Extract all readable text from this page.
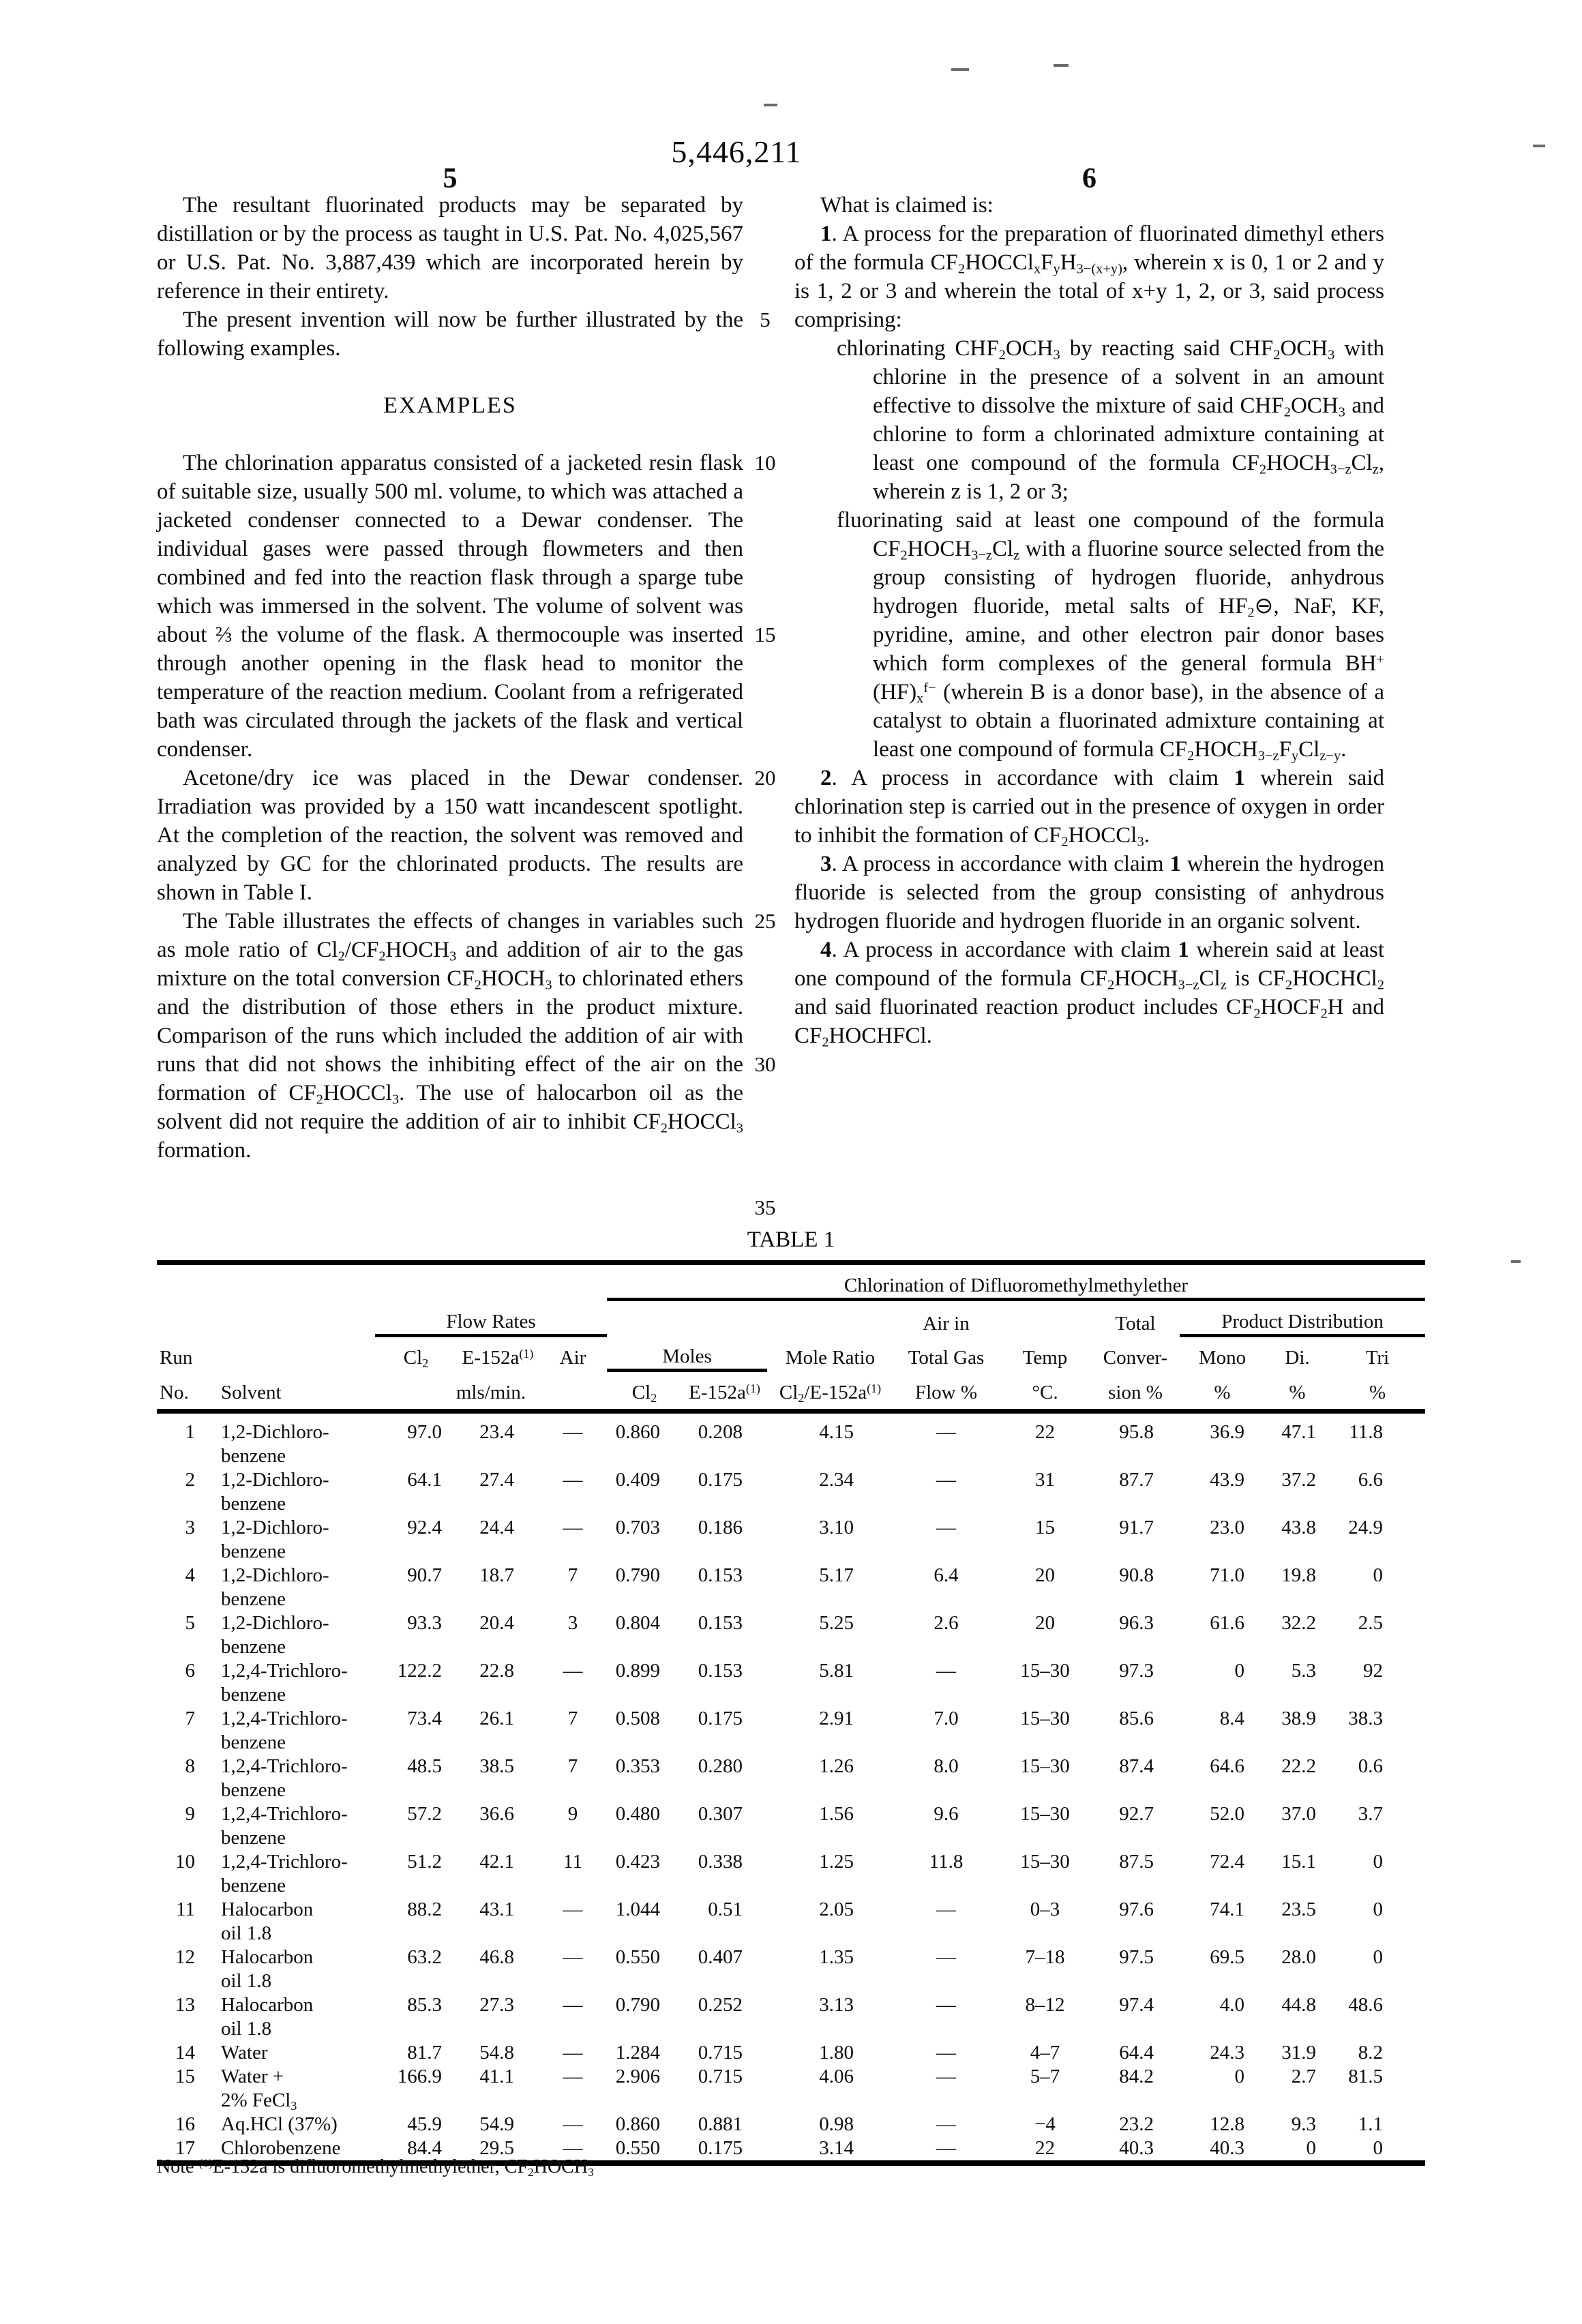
5,446,211
5	6
5
10
15
20
25
30
35

The resultant fluorinated products may be separated by distillation or by the process as taught in U.S. Pat. No. 4,025,567 or U.S. Pat. No. 3,887,439 which are incorporated herein by reference in their entirety.

The present invention will now be further illustrated by the following examples.

EXAMPLES

The chlorination apparatus consisted of a jacketed resin flask of suitable size, usually 500 ml. volume, to which was attached a jacketed condenser connected to a Dewar condenser. The individual gases were passed through flowmeters and then combined and fed into the reaction flask through a sparge tube which was immersed in the solvent. The volume of solvent was about ⅔ the volume of the flask. A thermocouple was inserted through another opening in the flask head to monitor the temperature of the reaction medium. Coolant from a refrigerated bath was circulated through the jackets of the flask and vertical condenser.

Acetone/dry ice was placed in the Dewar condenser. Irradiation was provided by a 150 watt incandescent spotlight. At the completion of the reaction, the solvent was removed and analyzed by GC for the chlorinated products. The results are shown in Table I.

The Table illustrates the effects of changes in variables such as mole ratio of $Cl_2/CF_2HOCH_3$ and addition of air to the gas mixture on the total conversion $CF_2HOCH_3$ to chlorinated ethers and the distribution of those ethers in the product mixture. Comparison of the runs which included the addition of air with runs that did not shows the inhibiting effect of the air on the formation of $CF_2HOCCl_3$. The use of halocarbon oil as the solvent did not require the addition of air to inhibit $CF_2HOCCl_3$ formation.

What is claimed is:

1. A process for the preparation of fluorinated dimethyl ethers of the formula $CF_2HOCCl_xF_yH_{3-(x+y)}$, wherein x is 0, 1 or 2 and y is 1, 2 or 3 and wherein the total of x+y 1, 2, or 3, said process comprising:

chlorinating $CHF_2OCH_3$ by reacting said $CHF_2OCH_3$ with chlorine in the presence of a solvent in an amount effective to dissolve the mixture of said $CHF_2OCH_3$ and chlorine to form a chlorinated admixture containing at least one compound of the formula $CF_2HOCH_{3-z}Cl_z$, wherein z is 1, 2 or 3;

fluorinating said at least one compound of the formula $CF_2HOCH_{3-z}Cl_z$ with a fluorine source selected from the group consisting of hydrogen fluoride, anhydrous hydrogen fluoride, metal salts of $HF_2⊖$, NaF, KF, pyridine, amine, and other electron pair donor bases which form complexes of the general formula $BH^+(HF)_x^{f-}$ (wherein B is a donor base), in the absence of a catalyst to obtain a fluorinated admixture containing at least one compound of formula $CF_2HOCH_{3-z}F_yCl_{z-y}$.

2. A process in accordance with claim 1 wherein said chlorination step is carried out in the presence of oxygen in order to inhibit the formation of $CF_2HOCCl_3$.

3. A process in accordance with claim 1 wherein the hydrogen fluoride is selected from the group consisting of anhydrous hydrogen fluoride and hydrogen fluoride in an organic solvent.

4. A process in accordance with claim 1 wherein said at least one compound of the formula $CF_2HOCH_{3-z}Cl_z$ is $CF_2HOCHCl_2$ and said fluorinated reaction product includes $CF_2HOCF_2H$ and $CF_2HOCHFCl$.

TABLE 1
					Chlorination of Difluoromethylmethylether								
		Flow Rates						Air in		Total	Product Distribution		
Run		$Cl_2$	$E-152a^{(1)}$	Air	Moles		Mole Ratio	Total Gas	Temp	Conver-	Mono	Di.	Tri
No.	Solvent	mls/min.			$Cl_2$	$E-152a^{(1)}$	$Cl_2/E-152a^{(1)}$	Flow %	°C.	sion %	%	%	%
1	1,2-Dichloro-
benzene	97.0	23.4	—	0.860	0.208	4.15	—	22	95.8	36.9	47.1	11.8
2	1,2-Dichloro-
benzene	64.1	27.4	—	0.409	0.175	2.34	—	31	87.7	43.9	37.2	6.6
3	1,2-Dichloro-
benzene	92.4	24.4	—	0.703	0.186	3.10	—	15	91.7	23.0	43.8	24.9
4	1,2-Dichloro-
benzene	90.7	18.7	7	0.790	0.153	5.17	6.4	20	90.8	71.0	19.8	0
5	1,2-Dichloro-
benzene	93.3	20.4	3	0.804	0.153	5.25	2.6	20	96.3	61.6	32.2	2.5
6	1,2,4-Trichloro-
benzene	122.2	22.8	—	0.899	0.153	5.81	—	15–30	97.3	0	5.3	92
7	1,2,4-Trichloro-
benzene	73.4	26.1	7	0.508	0.175	2.91	7.0	15–30	85.6	8.4	38.9	38.3
8	1,2,4-Trichloro-
benzene	48.5	38.5	7	0.353	0.280	1.26	8.0	15–30	87.4	64.6	22.2	0.6
9	1,2,4-Trichloro-
benzene	57.2	36.6	9	0.480	0.307	1.56	9.6	15–30	92.7	52.0	37.0	3.7
10	1,2,4-Trichloro-
benzene	51.2	42.1	11	0.423	0.338	1.25	11.8	15–30	87.5	72.4	15.1	0
11	Halocarbon
oil 1.8	88.2	43.1	—	1.044	0.51	2.05	—	0–3	97.6	74.1	23.5	0
12	Halocarbon
oil 1.8	63.2	46.8	—	0.550	0.407	1.35	—	7–18	97.5	69.5	28.0	0
13	Halocarbon
oil 1.8	85.3	27.3	—	0.790	0.252	3.13	—	8–12	97.4	4.0	44.8	48.6
14	Water	81.7	54.8	—	1.284	0.715	1.80	—	4–7	64.4	24.3	31.9	8.2
15	Water +
2% FeCl$_3$	166.9	41.1	—	2.906	0.715	4.06	—	5–7	84.2	0	2.7	81.5
16	Aq.HCl (37%)	45.9	54.9	—	0.860	0.881	0.98	—	−4	23.2	12.8	9.3	1.1
17	Chlorobenzene	84.4	29.5	—	0.550	0.175	3.14	—	22	40.3	40.3	0	0
Note $^{(1)}$E-152a is difluoromethylmethylether, $CF_2HOCH_3$
